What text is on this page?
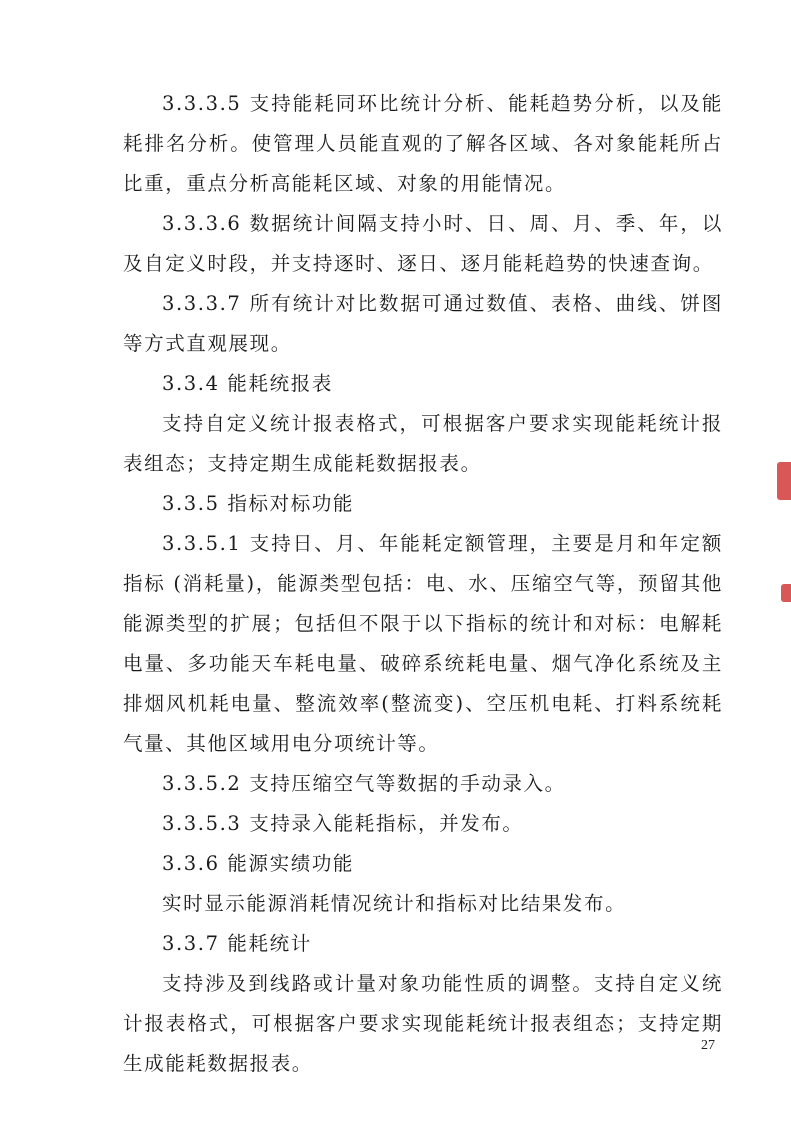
3.3.3.5 支持能耗同环比统计分析、能耗趋势分析，以及能耗排名分析。使管理人员能直观的了解各区域、各对象能耗所占比重，重点分析高能耗区域、对象的用能情况。

3.3.3.6 数据统计间隔支持小时、日、周、月、季、年，以及自定义时段，并支持逐时、逐日、逐月能耗趋势的快速查询。

3.3.3.7 所有统计对比数据可通过数值、表格、曲线、饼图等方式直观展现。

3.3.4 能耗统报表

支持自定义统计报表格式，可根据客户要求实现能耗统计报表组态；支持定期生成能耗数据报表。

3.3.5 指标对标功能

3.3.5.1 支持日、月、年能耗定额管理，主要是月和年定额指标 (消耗量)，能源类型包括：电、水、压缩空气等，预留其他能源类型的扩展；包括但不限于以下指标的统计和对标：电解耗电量、多功能天车耗电量、破碎系统耗电量、烟气净化系统及主排烟风机耗电量、整流效率(整流变)、空压机电耗、打料系统耗气量、其他区域用电分项统计等。

3.3.5.2 支持压缩空气等数据的手动录入。

3.3.5.3 支持录入能耗指标，并发布。

3.3.6 能源实绩功能

实时显示能源消耗情况统计和指标对比结果发布。

3.3.7 能耗统计

支持涉及到线路或计量对象功能性质的调整。支持自定义统计报表格式，可根据客户要求实现能耗统计报表组态；支持定期生成能耗数据报表。

27
